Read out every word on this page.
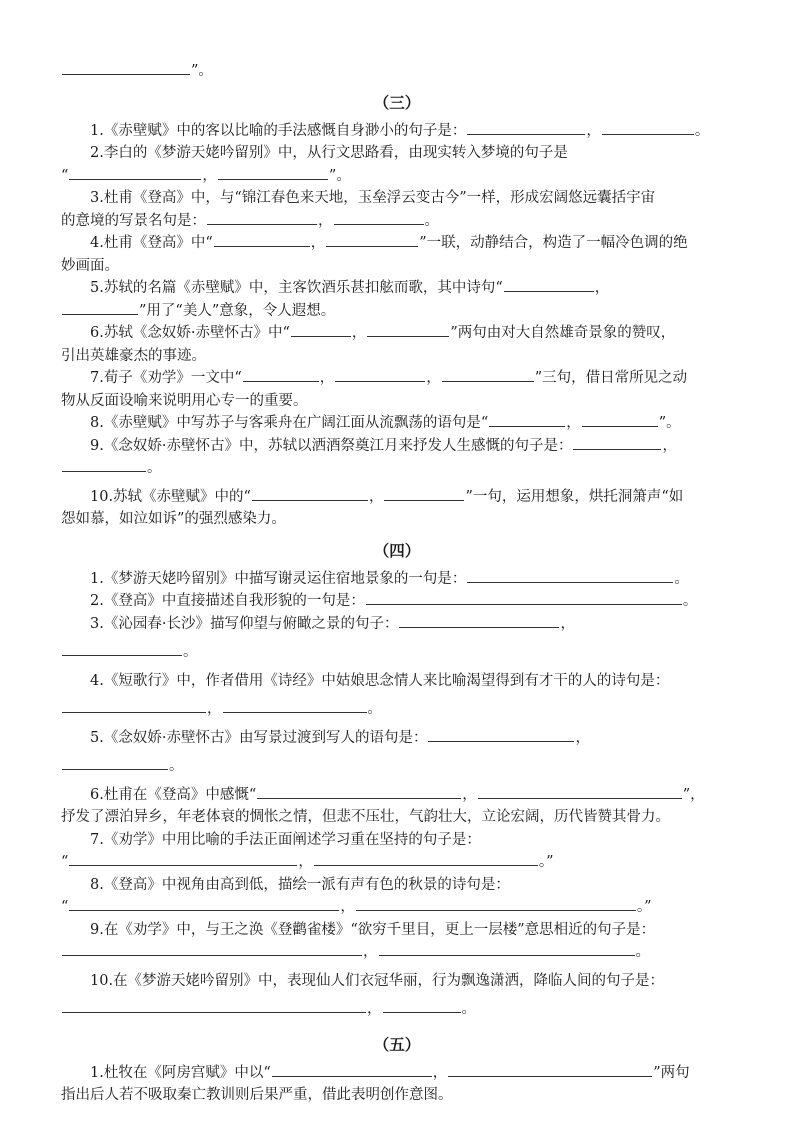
”。
（三）
1.《赤壁赋》中的客以比喻的手法感慨自身渺小的句子是：	，	。
2.李白的《梦游天姥吟留别》中，从行文思路看，由现实转入梦境的句子是
“	，	”。
3.杜甫《登高》中，与“锦江春色来天地，玉垒浮云变古今”一样，形成宏阔悠远囊括宇宙
的意境的写景名句是：	，	。
4.杜甫《登高》中“	，	”一联，动静结合，构造了一幅冷色调的绝
妙画面。
5.苏轼的名篇《赤壁赋》中，主客饮酒乐甚扣舷而歌，其中诗句“	，
”用了“美人”意象，令人遐想。
6.苏轼《念奴娇·赤壁怀古》中“	，	”两句由对大自然雄奇景象的赞叹，
引出英雄豪杰的事迹。
7.荀子《劝学》一文中“	，	，	”三句，借日常所见之动
物从反面设喻来说明用心专一的重要。
8.《赤壁赋》中写苏子与客乘舟在广阔江面从流飘荡的语句是“	，	”。
9.《念奴娇·赤壁怀古》中，苏轼以洒酒祭奠江月来抒发人生感慨的句子是：	，
。
10.苏轼《赤壁赋》中的“	，	”一句，运用想象，烘托洞箫声“如
怨如慕，如泣如诉”的强烈感染力。
（四）
1.《梦游天姥吟留别》中描写谢灵运住宿地景象的一句是：	。
2.《登高》中直接描述自我形貌的一句是：	。
3.《沁园春·长沙》描写仰望与俯瞰之景的句子：	，
。
4.《短歌行》中，作者借用《诗经》中姑娘思念情人来比喻渴望得到有才干的人的诗句是：
，	。
5.《念奴娇·赤壁怀古》由写景过渡到写人的语句是：	，
。
6.杜甫在《登高》中感慨“	，	”，
抒发了漂泊异乡，年老体衰的惆怅之情，但悲不压壮，气韵壮大，立论宏阔，历代皆赞其骨力。
7.《劝学》中用比喻的手法正面阐述学习重在坚持的句子是：
“	，	。”
8.《登高》中视角由高到低，描绘一派有声有色的秋景的诗句是：
“	，	。”
9.在《劝学》中，与王之涣《登鹳雀楼》“欲穷千里目，更上一层楼”意思相近的句子是：
，	。
10.在《梦游天姥吟留别》中，表现仙人们衣冠华丽，行为飘逸潇洒，降临人间的句子是：
，	。
（五）
1.杜牧在《阿房宫赋》中以“	，	”两句
指出后人若不吸取秦亡教训则后果严重，借此表明创作意图。
